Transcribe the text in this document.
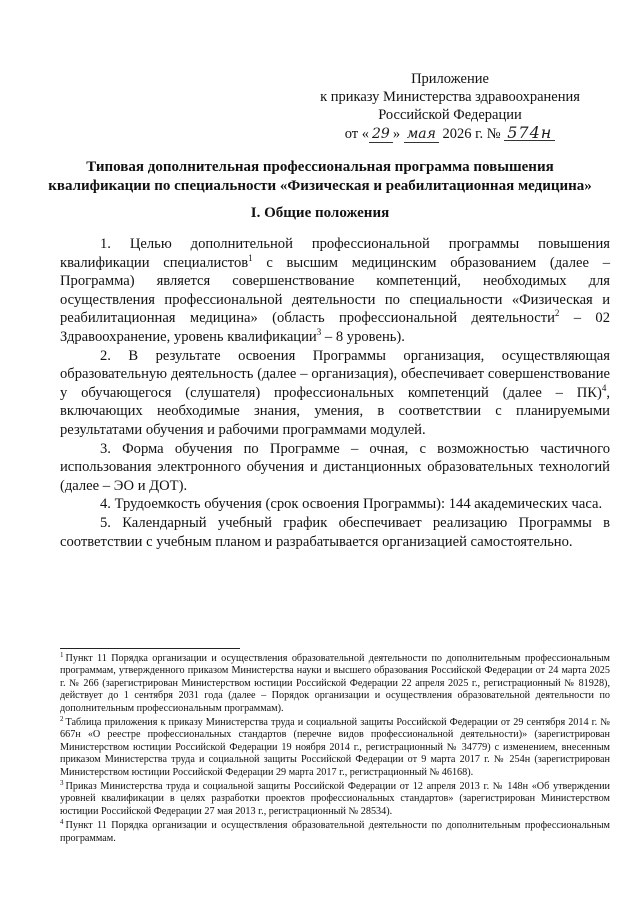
Приложение
к приказу Министерства здравоохранения
Российской Федерации
от « 29 » мая 2026 г. № 574н
Типовая дополнительная профессиональная программа повышения
квалификации по специальности «Физическая и реабилитационная медицина»
I. Общие положения

1. Целью дополнительной профессиональной программы повышения квалификации специалистов$^1$ с высшим медицинским образованием (далее – Программа) является совершенствование компетенций, необходимых для осуществления профессиональной деятельности по специальности «Физическая и реабилитационная медицина» (область профессиональной деятельности$^2$ – 02 Здравоохранение, уровень квалификации$^3$ – 8 уровень).

2. В результате освоения Программы организация, осуществляющая образовательную деятельность (далее – организация), обеспечивает совершенствование у обучающегося (слушателя) профессиональных компетенций (далее – ПК)$^4$, включающих необходимые знания, умения, в соответствии с планируемыми результатами обучения и рабочими программами модулей.

3. Форма обучения по Программе – очная, с возможностью частичного использования электронного обучения и дистанционных образовательных технологий (далее – ЭО и ДОТ).

4. Трудоемкость обучения (срок освоения Программы): 144 академических часа.

5. Календарный учебный график обеспечивает реализацию Программы в соответствии с учебным планом и разрабатывается организацией самостоятельно.

$^1$ Пункт 11 Порядка организации и осуществления образовательной деятельности по дополнительным профессиональным программам, утвержденного приказом Министерства науки и высшего образования Российской Федерации от 24 марта 2025 г. № 266 (зарегистрирован Министерством юстиции Российской Федерации 22 апреля 2025 г., регистрационный № 81928), действует до 1 сентября 2031 года (далее – Порядок организации и осуществления образовательной деятельности по дополнительным профессиональным программам).

$^2$ Таблица приложения к приказу Министерства труда и социальной защиты Российской Федерации от 29 сентября 2014 г. № 667н «О реестре профессиональных стандартов (перечне видов профессиональной деятельности)» (зарегистрирован Министерством юстиции Российской Федерации 19 ноября 2014 г., регистрационный № 34779) с изменением, внесенным приказом Министерства труда и социальной защиты Российской Федерации от 9 марта 2017 г. № 254н (зарегистрирован Министерством юстиции Российской Федерации 29 марта 2017 г., регистрационный № 46168).

$^3$ Приказ Министерства труда и социальной защиты Российской Федерации от 12 апреля 2013 г. № 148н «Об утверждении уровней квалификации в целях разработки проектов профессиональных стандартов» (зарегистрирован Министерством юстиции Российской Федерации 27 мая 2013 г., регистрационный № 28534).

$^4$ Пункт 11 Порядка организации и осуществления образовательной деятельности по дополнительным профессиональным программам.
